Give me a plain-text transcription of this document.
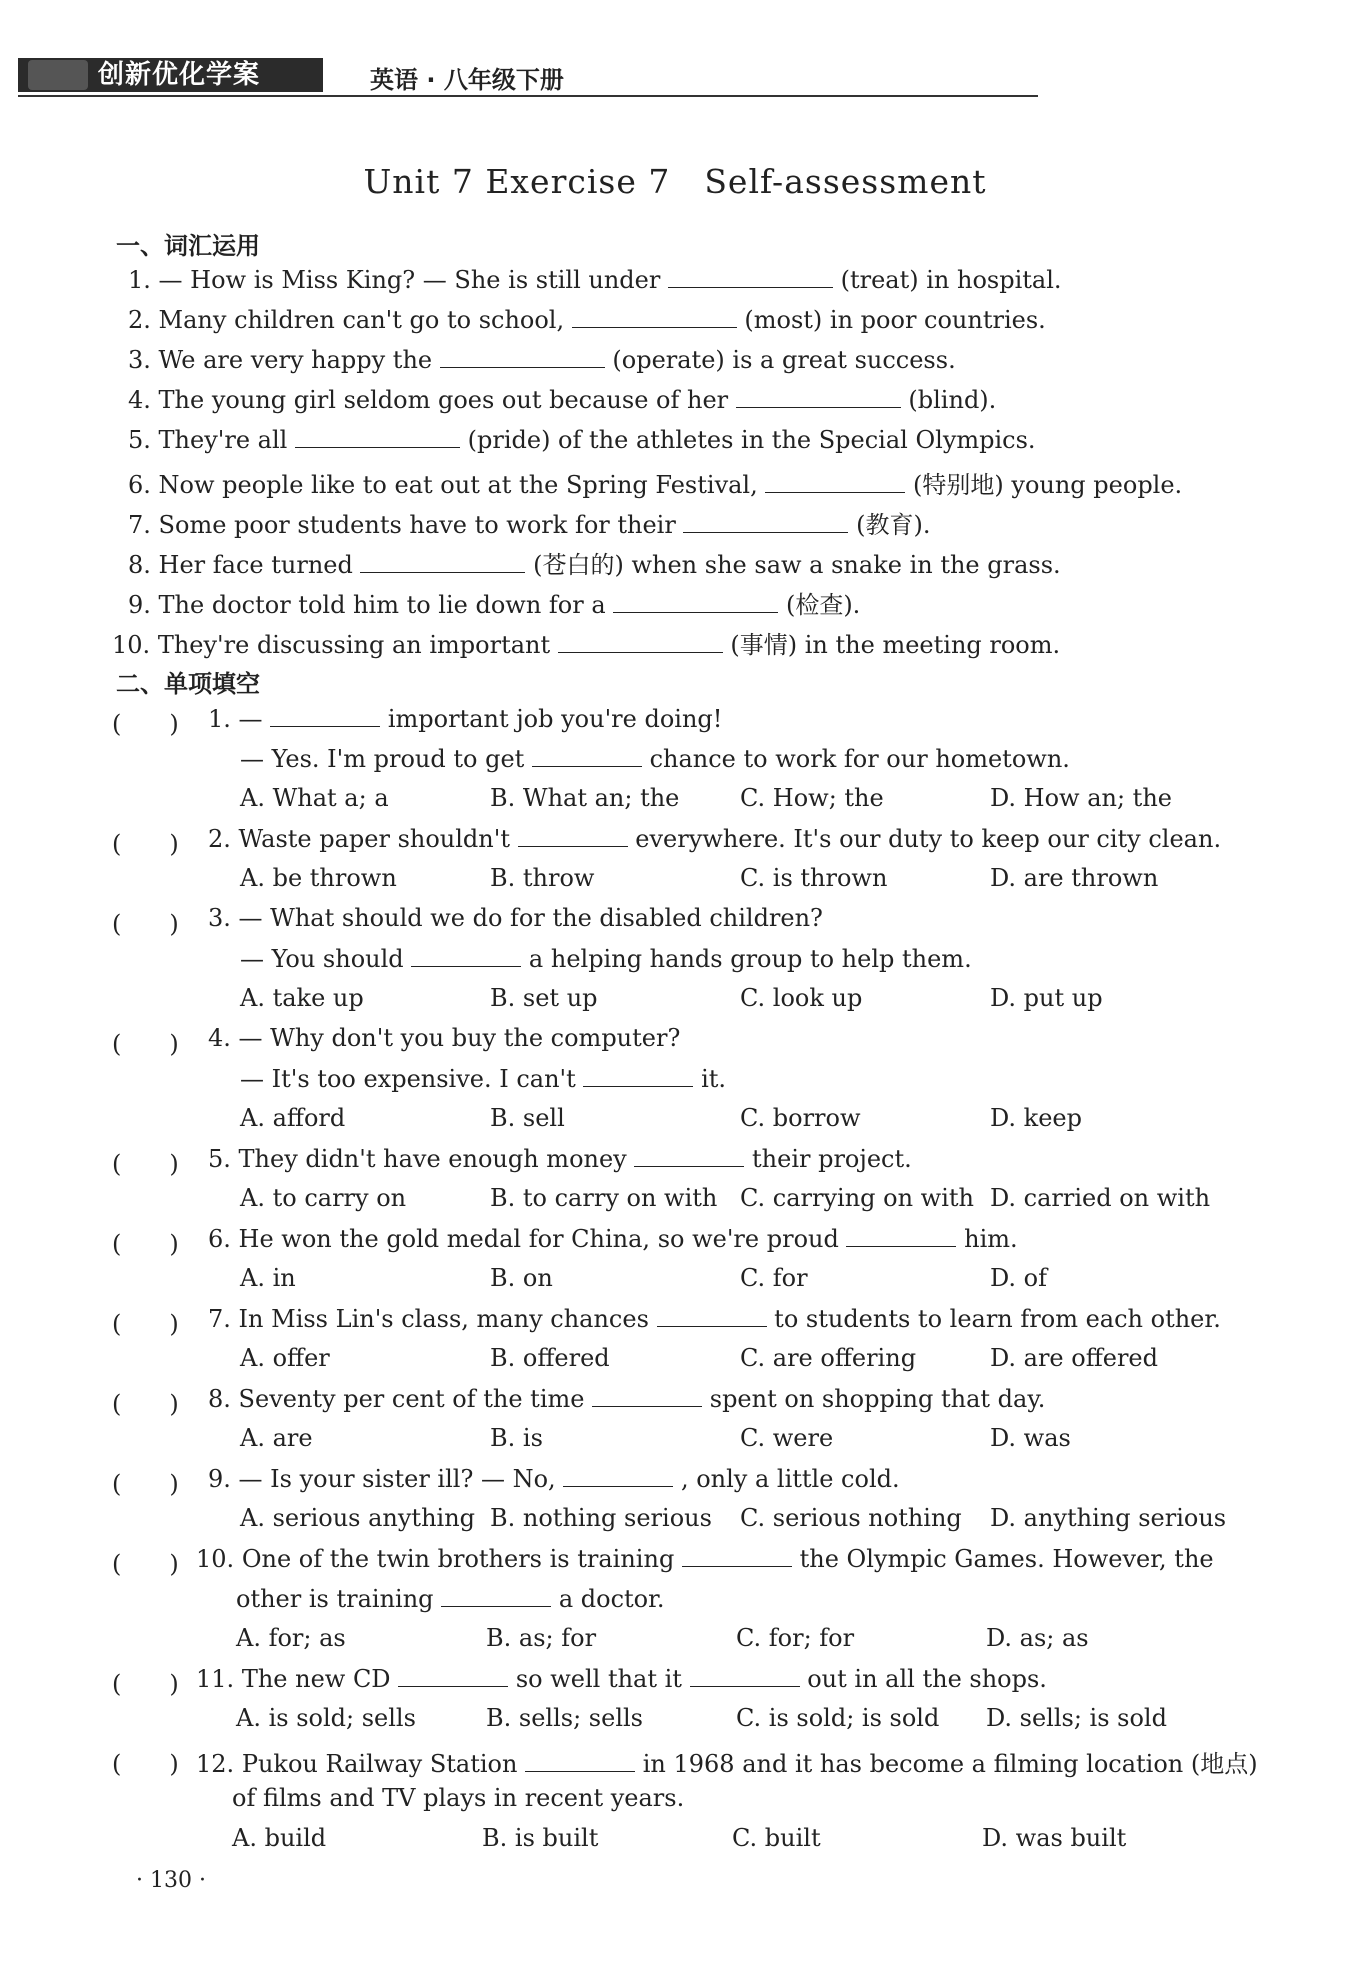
创新优化学案	英语 · 八年级下册
Unit 7 Exercise 7　Self-assessment
一、词汇运用
1. — How is Miss King? — She is still under	(treat) in hospital.
2. Many children can't go to school,	(most) in poor countries.
3. We are very happy the	(operate) is a great success.
4. The young girl seldom goes out because of her	(blind).
5. They're all	(pride) of the athletes in the Special Olympics.
6. Now people like to eat out at the Spring Festival,	(特别地) young people.
7. Some poor students have to work for their	(教育).
8. Her face turned	(苍白的) when she saw a snake in the grass.
9. The doctor told him to lie down for a	(检查).
10. They're discussing an important	(事情) in the meeting room.
二、单项填空
(　　) 1. —	important job you're doing!
— Yes. I'm proud to get	chance to work for our hometown.
A. What a; a	B. What an; the	C. How; the	D. How an; the
(　　) 2. Waste paper shouldn't	everywhere. It's our duty to keep our city clean.
A. be thrown	B. throw	C. is thrown	D. are thrown
(　　) 3. — What should we do for the disabled children?
— You should	a helping hands group to help them.
A. take up	B. set up	C. look up	D. put up
(　　) 4. — Why don't you buy the computer?
— It's too expensive. I can't	it.
A. afford	B. sell	C. borrow	D. keep
(　　) 5. They didn't have enough money	their project.
A. to carry on	B. to carry on with C. carrying on with D. carried on with
(　　) 6. He won the gold medal for China, so we're proud	him.
A. in	B. on	C. for	D. of
(　　) 7. In Miss Lin's class, many chances	to students to learn from each other.
A. offer	B. offered	C. are offering	D. are offered
(　　) 8. Seventy per cent of the time	spent on shopping that day.
A. are	B. is	C. were	D. was
(　　) 9. — Is your sister ill? — No,	, only a little cold.
A. serious anything B. nothing serious C. serious nothing D. anything serious
(　　) 10. One of the twin brothers is training	the Olympic Games. However, the
other is training	a doctor.
A. for; as	B. as; for	C. for; for	D. as; as
(　　) 11. The new CD	so well that it	out in all the shops.
A. is sold; sells	B. sells; sells	C. is sold; is sold D. sells; is sold
(　　) 12. Pukou Railway Station	in 1968 and it has become a filming location (地点)
of films and TV plays in recent years.
A. build	B. is built	C. built	D. was built
· 130 ·
